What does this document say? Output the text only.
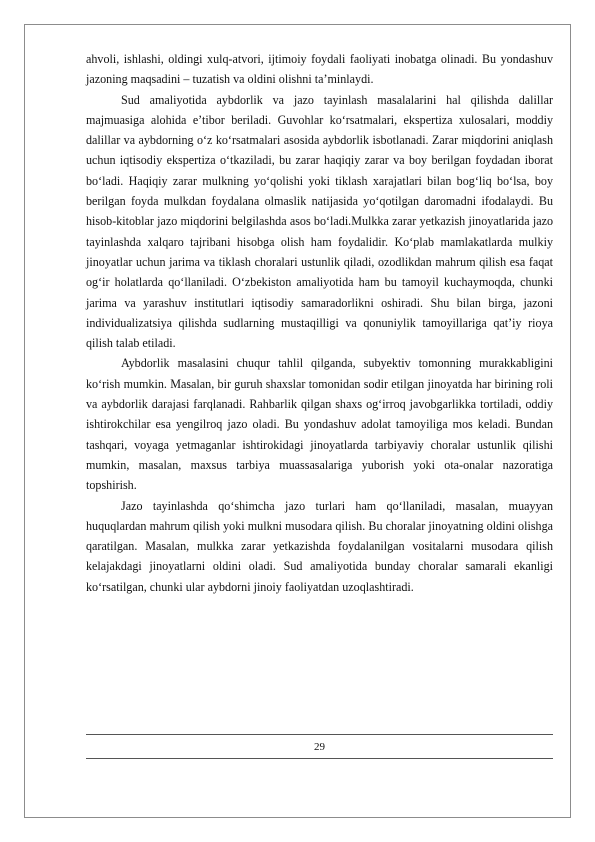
ahvoli, ishlashi, oldingi xulq-atvori, ijtimoiy foydali faoliyati inobatga olinadi. Bu yondashuv jazoning maqsadini – tuzatish va oldini olishni ta’minlaydi.

Sud amaliyotida aybdorlik va jazo tayinlash masalalarini hal qilishda dalillar majmuasiga alohida e’tibor beriladi. Guvohlar ko‘rsatmalari, ekspertiza xulosalari, moddiy dalillar va aybdorning o‘z ko‘rsatmalari asosida aybdorlik isbotlanadi. Zarar miqdorini aniqlash uchun iqtisodiy ekspertiza o‘tkaziladi, bu zarar haqiqiy zarar va boy berilgan foydadan iborat bo‘ladi. Haqiqiy zarar mulkning yo‘qolishi yoki tiklash xarajatlari bilan bog‘liq bo‘lsa, boy berilgan foyda mulkdan foydalana olmaslik natijasida yo‘qotilgan daromadni ifodalaydi. Bu hisob-kitoblar jazo miqdorini belgilashda asos bo‘ladi.Mulkka zarar yetkazish jinoyatlarida jazo tayinlashda xalqaro tajribani hisobga olish ham foydalidir. Ko‘plab mamlakatlarda mulkiy jinoyatlar uchun jarima va tiklash choralari ustunlik qiladi, ozodlikdan mahrum qilish esa faqat og‘ir holatlarda qo‘llaniladi. O‘zbekiston amaliyotida ham bu tamoyil kuchaymoqda, chunki jarima va yarashuv institutlari iqtisodiy samaradorlikni oshiradi. Shu bilan birga, jazoni individualizatsiya qilishda sudlarning mustaqilligi va qonuniylik tamoyillariga qat’iy rioya qilish talab etiladi.

Aybdorlik masalasini chuqur tahlil qilganda, subyektiv tomonning murakkabligini ko‘rish mumkin. Masalan, bir guruh shaxslar tomonidan sodir etilgan jinoyatda har birining roli va aybdorlik darajasi farqlanadi. Rahbarlik qilgan shaxs og‘irroq javobgarlikka tortiladi, oddiy ishtirokchilar esa yengilroq jazo oladi. Bu yondashuv adolat tamoyiliga mos keladi. Bundan tashqari, voyaga yetmaganlar ishtirokidagi jinoyatlarda tarbiyaviy choralar ustunlik qilishi mumkin, masalan, maxsus tarbiya muassasalariga yuborish yoki ota-onalar nazoratiga topshirish.

Jazo tayinlashda qo‘shimcha jazo turlari ham qo‘llaniladi, masalan, muayyan huquqlardan mahrum qilish yoki mulkni musodara qilish. Bu choralar jinoyatning oldini olishga qaratilgan. Masalan, mulkka zarar yetkazishda foydalanilgan vositalarni musodara qilish kelajakdagi jinoyatlarni oldini oladi. Sud amaliyotida bunday choralar samarali ekanligi ko‘rsatilgan, chunki ular aybdorni jinoiy faoliyatdan uzoqlashtiradi.

29
